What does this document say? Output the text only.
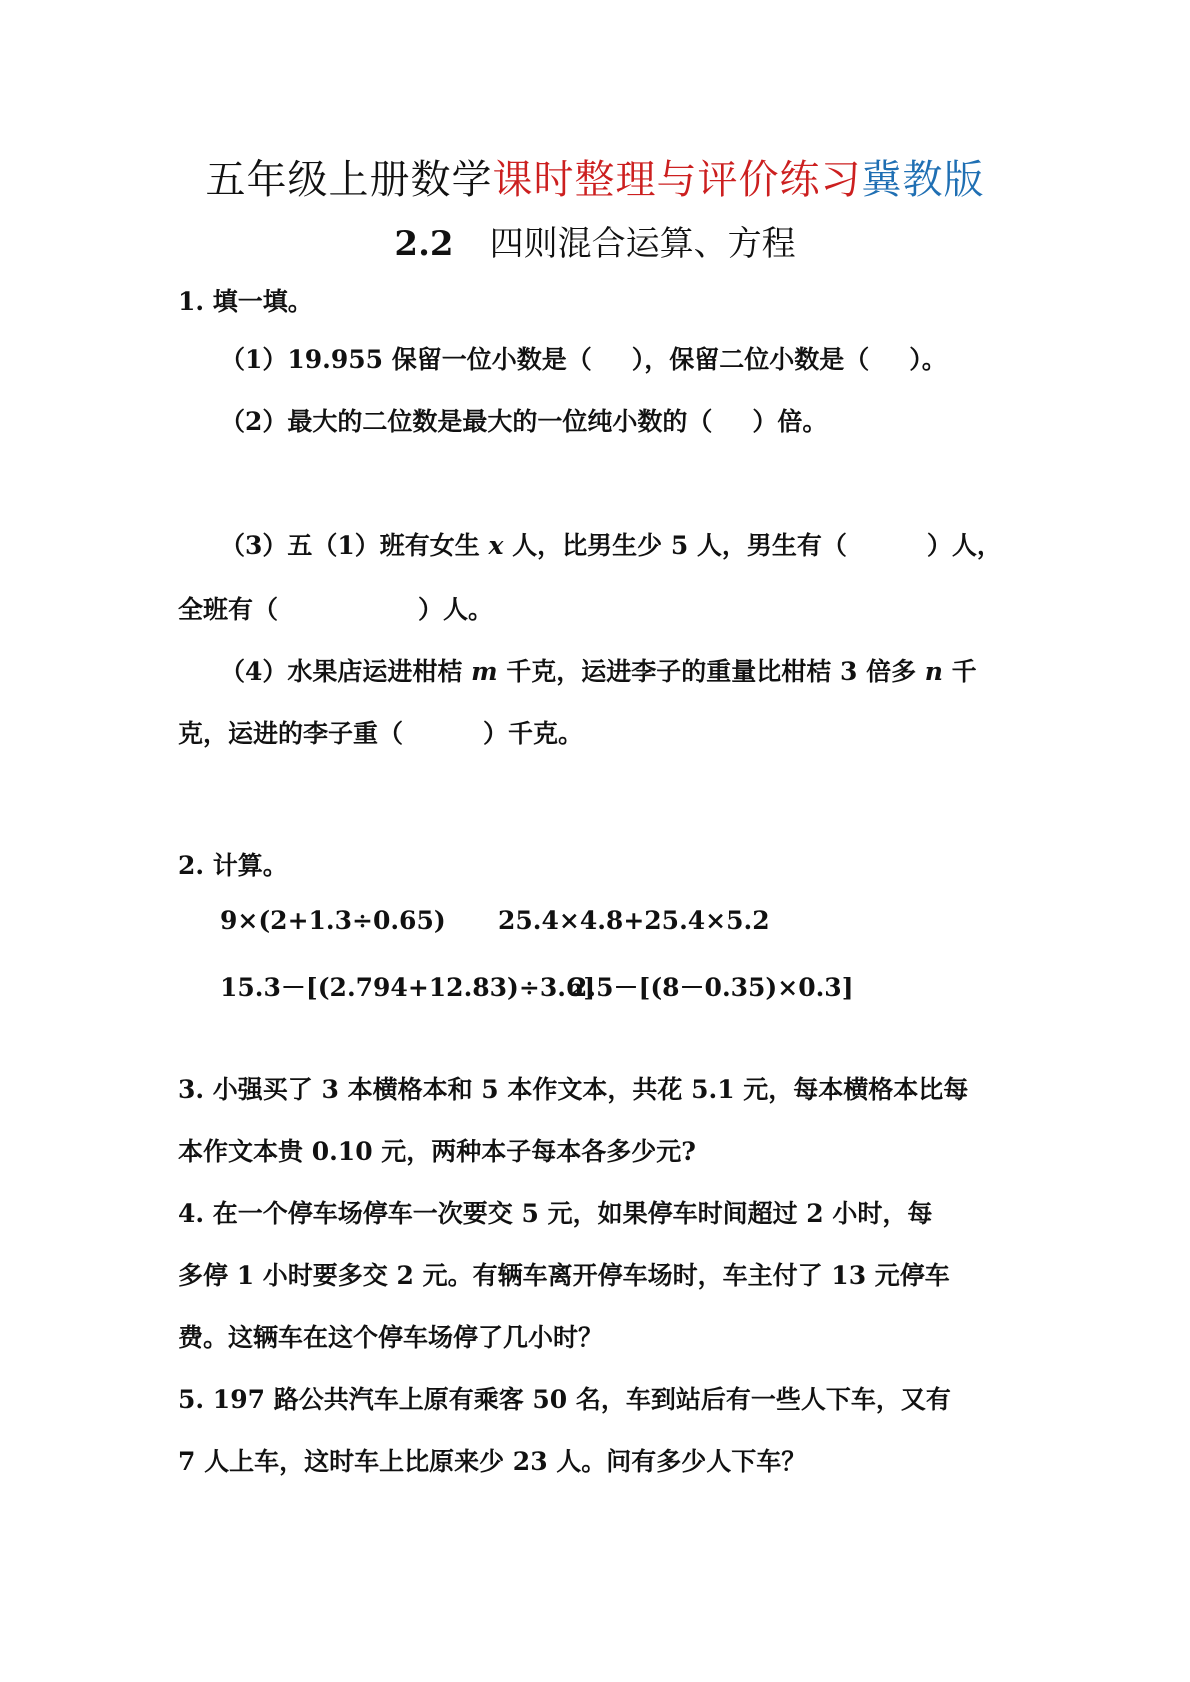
五年级上册数学课时整理与评价练习冀教版
2.2 四则混合运算、方程
1. 填一填。
（1）19.955 保留一位小数是（ ），保留二位小数是（ ）。
（2）最大的二位数是最大的一位纯小数的（ ）倍。
（3）五（1）班有女生 x 人，比男生少 5 人，男生有（	）人，
全班有（	）人。
（4）水果店运进柑桔 m 千克，运进李子的重量比柑桔 3 倍多 n 千
克，运进的李子重（	）千克。
2. 计算。
9×(2+1.3÷0.65) 25.4×4.8+25.4×5.2
15.3－[(2.794+12.83)÷3.6]
2.5－[(8－0.35)×0.3]
3. 小强买了 3 本横格本和 5 本作文本，共花 5.1 元，每本横格本比每
本作文本贵 0.10 元，两种本子每本各多少元?
4. 在一个停车场停车一次要交 5 元，如果停车时间超过 2 小时，每
多停 1 小时要多交 2 元。有辆车离开停车场时，车主付了 13 元停车
费。这辆车在这个停车场停了几小时？
5. 197 路公共汽车上原有乘客 50 名，车到站后有一些人下车，又有
7 人上车，这时车上比原来少 23 人。问有多少人下车？
